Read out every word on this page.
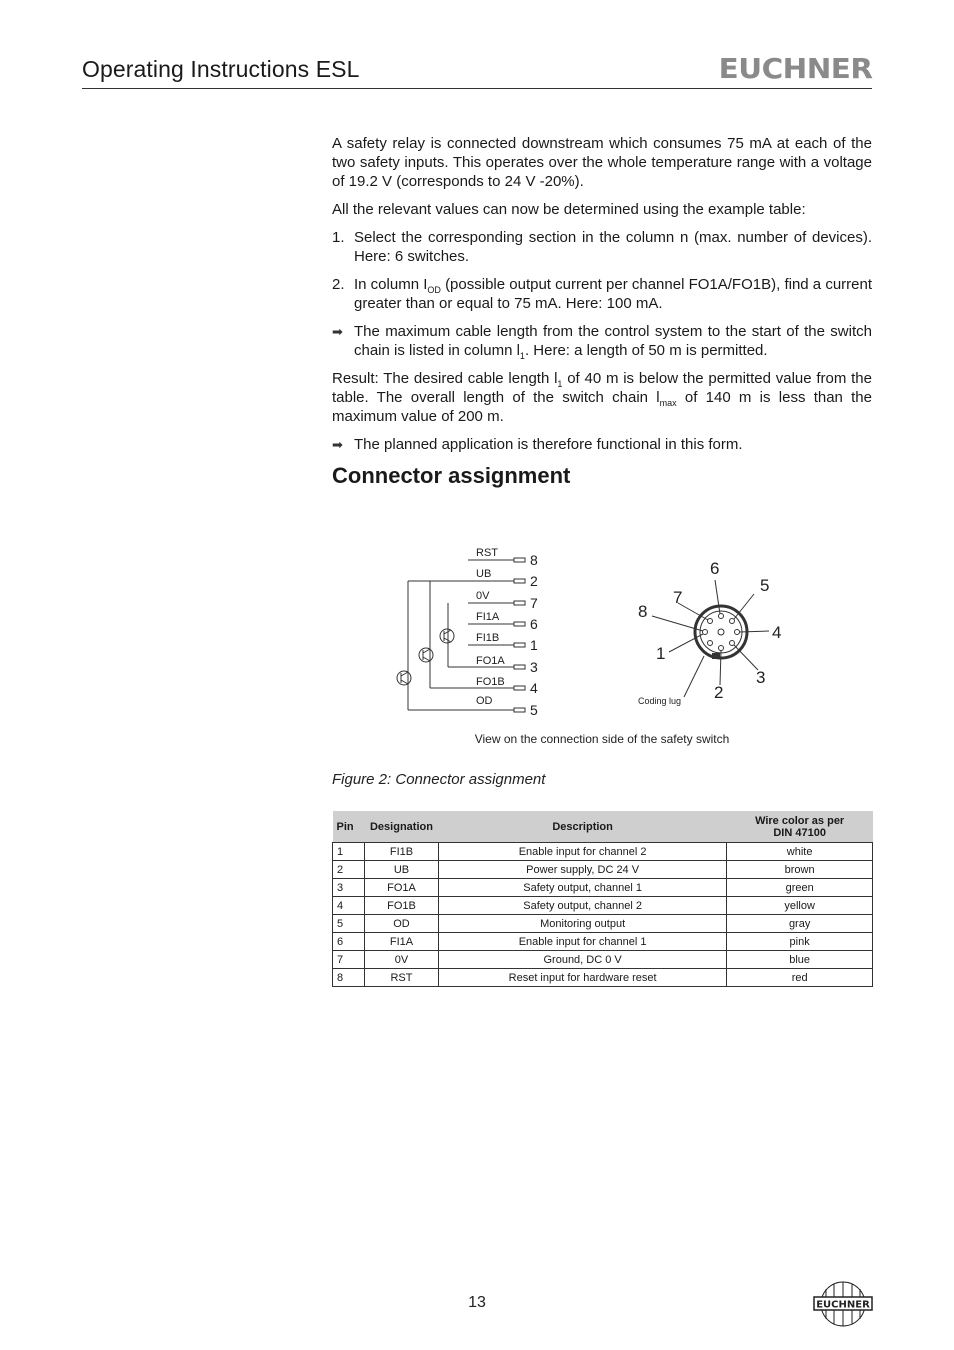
Operating Instructions ESL	EUCHNER

A safety relay is connected downstream which consumes 75 mA at each of the two safety inputs. This operates over the whole temperature range with a voltage of 19.2 V (corresponds to 24 V -20%).

All the relevant values can now be determined using the example table:

1. Select the corresponding section in the column n (max. number of devices). Here: 6 switches.
2. In column $I_{OD}$ (possible output current per channel FO1A/FO1B), find a current greater than or equal to 75 mA. Here: 100 mA.
➡ The maximum cable length from the control system to the start of the switch chain is listed in column $l_1$. Here: a length of 50 m is permitted.

Result: The desired cable length $l_1$ of 40 m is below the permitted value from the table. The overall length of the switch chain $l_{max}$ of 140 m is less than the maximum value of 200 m.

➡ The planned application is therefore functional in this form.
Connector assignment
RST
UB
0V
FI1A
FI1B
FO1A
FO1B
OD
8
2
7
6
1
3
4
5
6
5
7
8
4
1
3
2
Coding lug
View on the connection side of the safety switch
Figure 2: Connector assignment
Pin	Designation	Description	Wire color as per
DIN 47100
1	FI1B	Enable input for channel 2	white
2	UB	Power supply, DC 24 V	brown
3	FO1A	Safety output, channel 1	green
4	FO1B	Safety output, channel 2	yellow
5	OD	Monitoring output	gray
6	FI1A	Enable input for channel 1	pink
7	0V	Ground, DC 0 V	blue
8	RST	Reset input for hardware reset	red
13	EUCHNER
